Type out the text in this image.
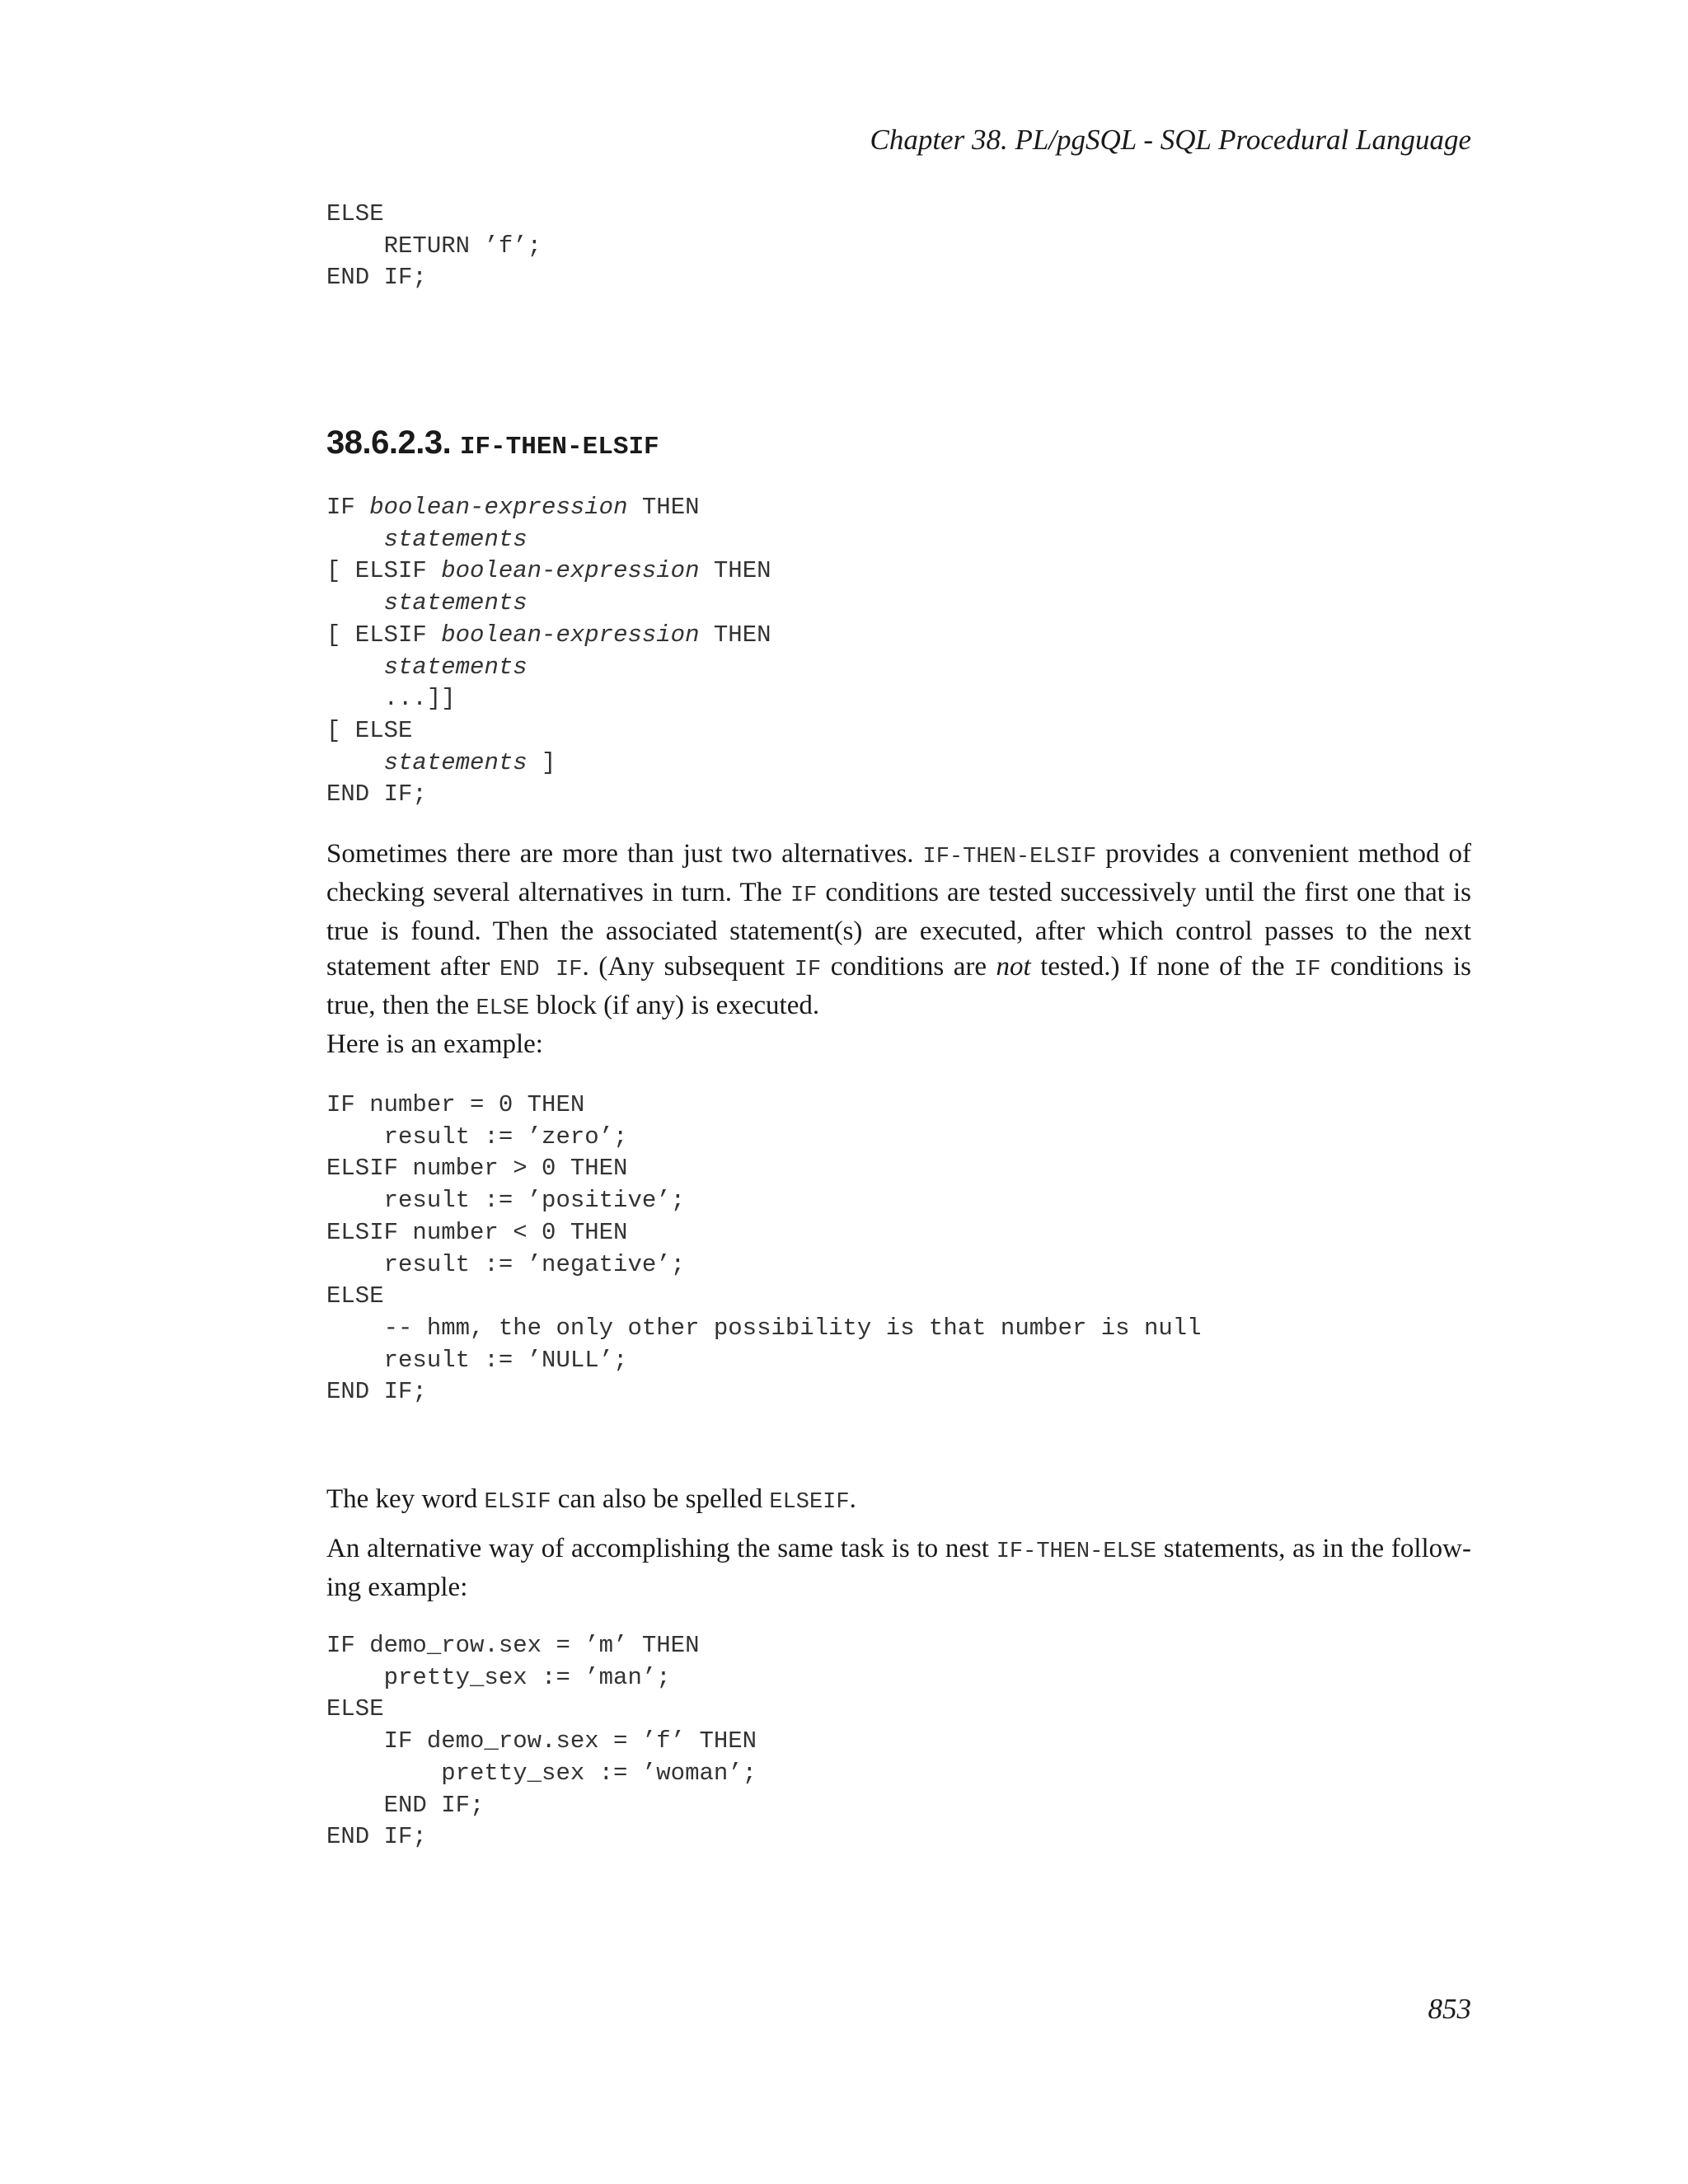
Chapter 38. PL/pgSQL - SQL Procedural Language
ELSE
RETURN ’f’;
END IF;
38.6.2.3. IF-THEN-ELSIF
IF boolean-expression THEN
statements
[ ELSIF boolean-expression THEN
statements
[ ELSIF boolean-expression THEN
statements
...]]
[ ELSE
statements ]
END IF;

Sometimes there are more than just two alternatives. IF-THEN-ELSIF provides a convenient method of checking several alternatives in turn. The IF conditions are tested successively until the first one that is true is found. Then the associated statement(s) are executed, after which control passes to the next statement after END IF. (Any subsequent IF conditions are not tested.) If none of the IF conditions is true, then the ELSE block (if any) is executed.

Here is an example:

IF number = 0 THEN
result := ’zero’;
ELSIF number > 0 THEN
result := ’positive’;
ELSIF number < 0 THEN
result := ’negative’;
ELSE
-- hmm, the only other possibility is that number is null
result := ’NULL’;
END IF;

The key word ELSIF can also be spelled ELSEIF.

An alternative way of accomplishing the same task is to nest IF-THEN-ELSE statements, as in the follow- ing example:

IF demo_row.sex = ’m’ THEN
pretty_sex := ’man’;
ELSE
IF demo_row.sex = ’f’ THEN
pretty_sex := ’woman’;
END IF;
END IF;
853
